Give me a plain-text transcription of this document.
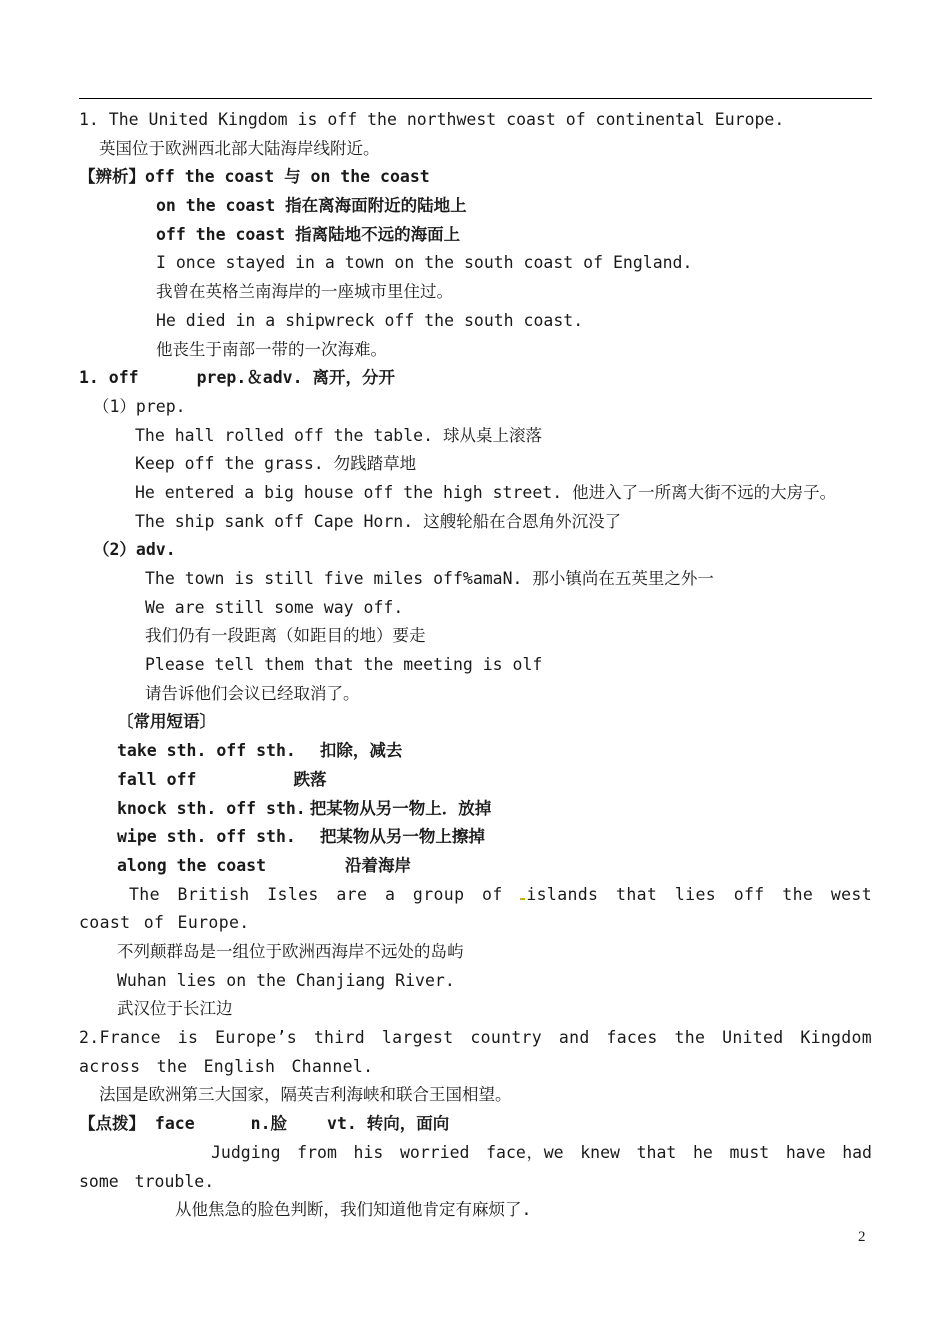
1. The United Kingdom is off the northwest coast of continental Europe.
英国位于欧洲西北部大陆海岸线附近。
【辨析】off the coast 与 on the coast
on the coast 指在离海面附近的陆地上
off the coast 指离陆地不远的海面上
I once stayed in a town on the south coast of England.
我曾在英格兰南海岸的一座城市里住过。
He died in a shipwreck off the south coast.
他丧生于南部一带的一次海难。
1. off	prep.＆adv. 离开，分开
（1）prep.
The hall rolled off the table. 球从桌上滚落
Keep off the grass. 勿践踏草地
He entered a big house off the high street. 他进入了一所离大街不远的大房子。
The ship sank off Cape Horn. 这艘轮船在合恩角外沉没了
（2）adv.
The town is still five miles off%amaN. 那小镇尚在五英里之外一
We are still some way off.
我们仍有一段距离（如距目的地）要走
Please tell them that the meeting is olf
请告诉他们会议已经取消了。
〔常用短语〕
take sth. off sth. 扣除，减去
fall off	跌落
knock sth. off sth. 把某物从另一物上．放掉
wipe sth. off sth. 把某物从另一物上擦掉
along the coast	沿着海岸
The British Isles are a group of islands that lies off the west coast of Europe.
不列颠群岛是一组位于欧洲西海岸不远处的岛屿
Wuhan lies on the Chanjiang River.
武汉位于长江边
2.France is Europe’s third largest country and faces the United Kingdom across the English Channel.
法国是欧洲第三大国家，隔英吉利海峡和联合王国相望。
【点拨】 face	n.脸 vt. 转向，面向
Judging from his worried face，we knew that he must have had some trouble.
从他焦急的脸色判断，我们知道他肯定有麻烦了.
2
